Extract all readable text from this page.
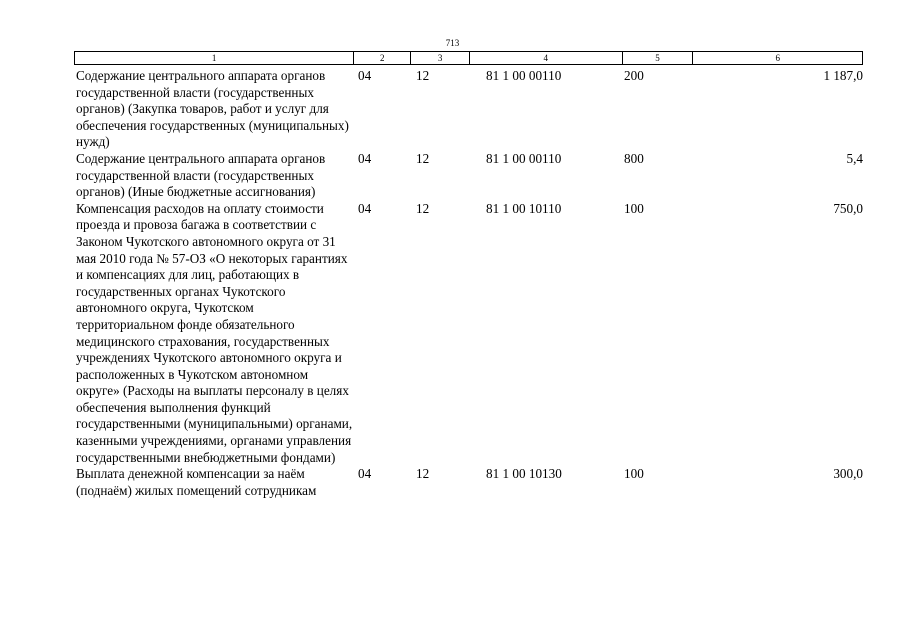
713
1	2	3	4	5	6
Содержание центрального аппарата органов государственной власти (государственных органов) (Закупка товаров, работ и услуг для обеспечения государственных (муниципальных) нужд)
04	12	81 1 00 00110	200	1 187,0
Содержание центрального аппарата органов государственной власти (государственных органов) (Иные бюджетные ассигнования)
04	12	81 1 00 00110	800	5,4
Компенсация расходов на оплату стоимости проезда и провоза багажа в соответствии с Законом Чукотского автономного округа от 31 мая 2010 года № 57-ОЗ «О некоторых гарантиях и компенсациях для лиц, работающих в государственных органах Чукотского автономного округа, Чукотском территориальном фонде обязательного медицинского страхования, государственных учреждениях Чукотского автономного округа и расположенных в Чукотском автономном округе» (Расходы на выплаты персоналу в целях обеспечения выполнения функций государственными (муниципальными) органами, казенными учреждениями, органами управления государственными внебюджетными фондами)
04	12	81 1 00 10110	100	750,0
Выплата денежной компенсации за наём (поднаём) жилых помещений сотрудникам
04	12	81 1 00 10130	100	300,0
